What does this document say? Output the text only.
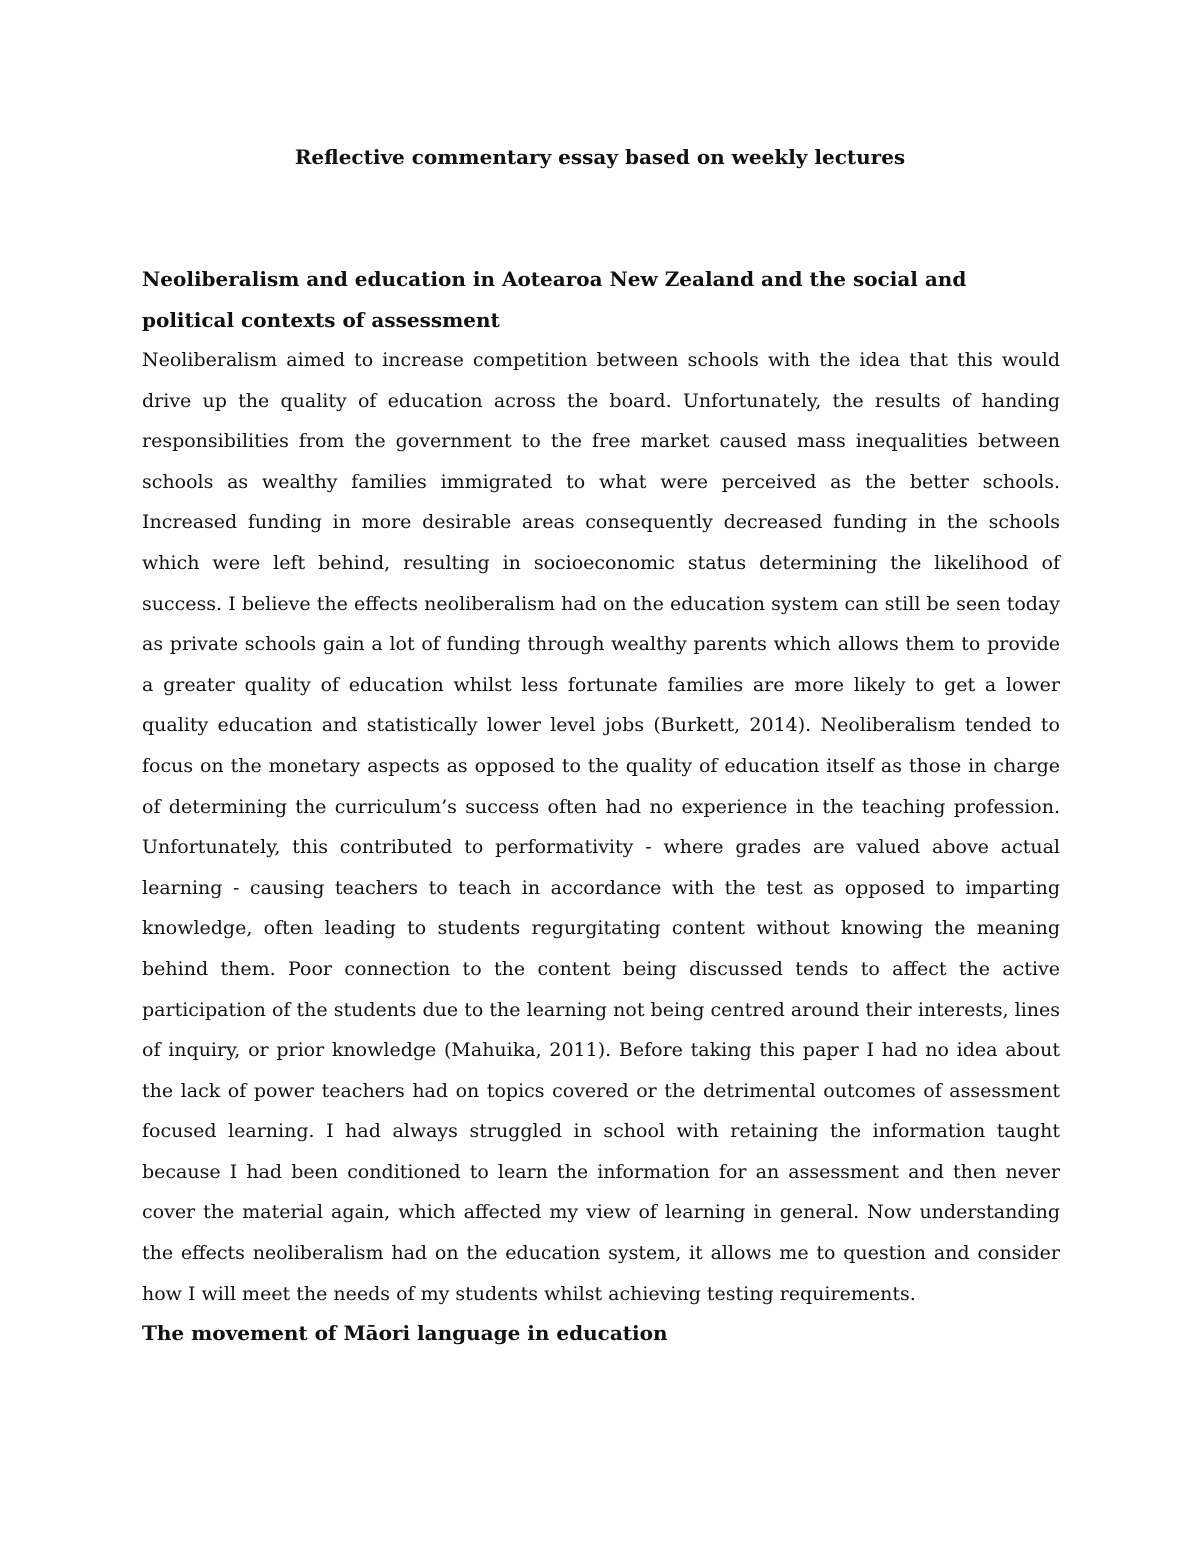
Reflective commentary essay based on weekly lectures
Neoliberalism and education in Aotearoa New Zealand and the social and political contexts of assessment

Neoliberalism aimed to increase competition between schools with the idea that this would drive up the quality of education across the board. Unfortunately, the results of handing responsibilities from the government to the free market caused mass inequalities between schools as wealthy families immigrated to what were perceived as the better schools. Increased funding in more desirable areas consequently decreased funding in the schools which were left behind, resulting in socioeconomic status determining the likelihood of success. I believe the effects neoliberalism had on the education system can still be seen today as private schools gain a lot of funding through wealthy parents which allows them to provide a greater quality of education whilst less fortunate families are more likely to get a lower quality education and statistically lower level jobs (Burkett, 2014). Neoliberalism tended to focus on the monetary aspects as opposed to the quality of education itself as those in charge of determining the curriculum’s success often had no experience in the teaching profession. Unfortunately, this contributed to performativity - where grades are valued above actual learning - causing teachers to teach in accordance with the test as opposed to imparting knowledge, often leading to students regurgitating content without knowing the meaning behind them. Poor connection to the content being discussed tends to affect the active participation of the students due to the learning not being centred around their interests, lines of inquiry, or prior knowledge (Mahuika, 2011). Before taking this paper I had no idea about the lack of power teachers had on topics covered or the detrimental outcomes of assessment focused learning. I had always struggled in school with retaining the information taught because I had been conditioned to learn the information for an assessment and then never cover the material again, which affected my view of learning in general. Now understanding the effects neoliberalism had on the education system, it allows me to question and consider how I will meet the needs of my students whilst achieving testing requirements.

The movement of Māori language in education
